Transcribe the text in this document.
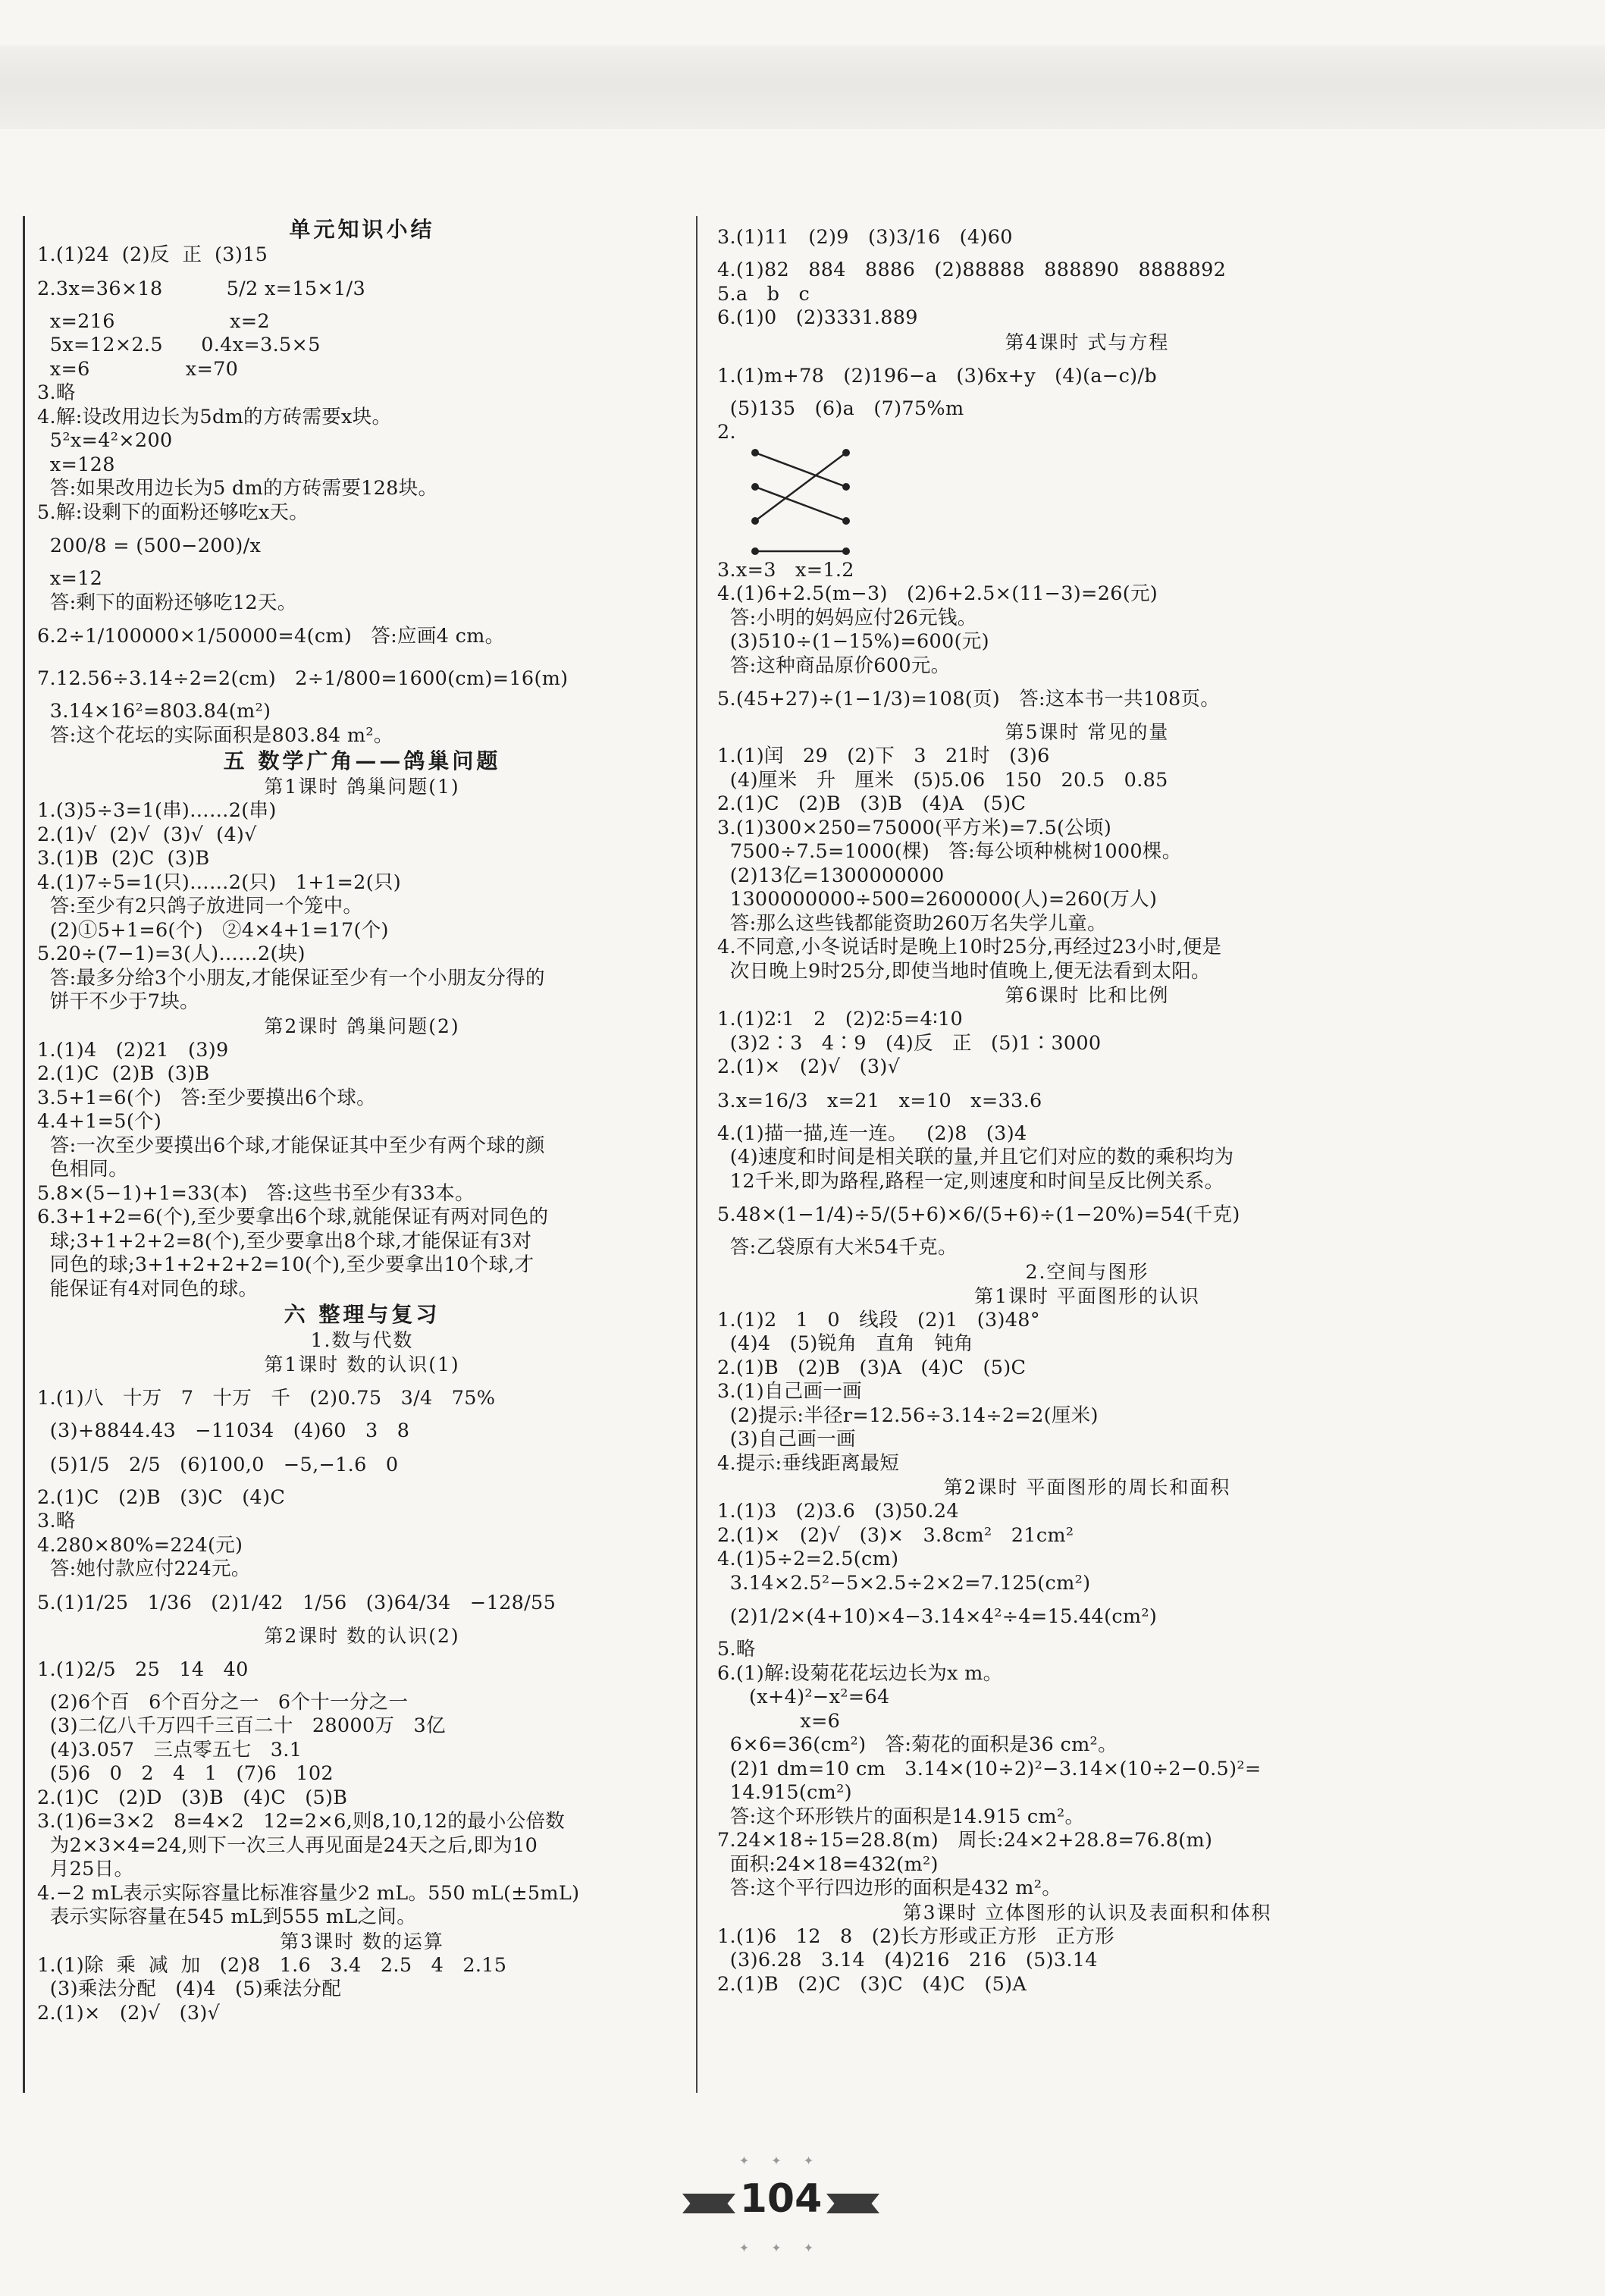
单元知识小结
1.(1)24  (2)反  正  (3)15
2.3x=36×18          5/2 x=15×1/3
x=216                  x=2
5x=12×2.5      0.4x=3.5×5
x=6               x=70
3.略
4.解:设改用边长为5dm的方砖需要x块。
5²x=4²×200
x=128
答:如果改用边长为5 dm的方砖需要128块。
5.解:设剩下的面粉还够吃x天。
200/8 = (500−200)/x
x=12
答:剩下的面粉还够吃12天。
6.2÷1/100000×1/50000=4(cm)   答:应画4 cm。
7.12.56÷3.14÷2=2(cm)   2÷1/800=1600(cm)=16(m)
3.14×16²=803.84(m²)
答:这个花坛的实际面积是803.84 m²。
五 数学广角——鸽巢问题
第1课时 鸽巢问题(1)
1.(3)5÷3=1(串)……2(串)
2.(1)√  (2)√  (3)√  (4)√
3.(1)B  (2)C  (3)B
4.(1)7÷5=1(只)……2(只)   1+1=2(只)
答:至少有2只鸽子放进同一个笼中。
(2)①5+1=6(个)   ②4×4+1=17(个)
5.20÷(7−1)=3(人)……2(块)
答:最多分给3个小朋友,才能保证至少有一个小朋友分得的
饼干不少于7块。
第2课时 鸽巢问题(2)
1.(1)4   (2)21   (3)9
2.(1)C  (2)B  (3)B
3.5+1=6(个)   答:至少要摸出6个球。
4.4+1=5(个)
答:一次至少要摸出6个球,才能保证其中至少有两个球的颜
色相同。
5.8×(5−1)+1=33(本)   答:这些书至少有33本。
6.3+1+2=6(个),至少要拿出6个球,就能保证有两对同色的
球;3+1+2+2=8(个),至少要拿出8个球,才能保证有3对
同色的球;3+1+2+2+2=10(个),至少要拿出10个球,才
能保证有4对同色的球。
六 整理与复习
1.数与代数
第1课时 数的认识(1)
1.(1)八   十万   7   十万   千   (2)0.75   3/4   75%
(3)+8844.43   −11034   (4)60   3   8
(5)1/5   2/5   (6)100,0   −5,−1.6   0
2.(1)C   (2)B   (3)C   (4)C
3.略
4.280×80%=224(元)
答:她付款应付224元。
5.(1)1/25   1/36   (2)1/42   1/56   (3)64/34   −128/55
第2课时 数的认识(2)
1.(1)2/5   25   14   40
(2)6个百   6个百分之一   6个十一分之一
(3)二亿八千万四千三百二十   28000万   3亿
(4)3.057   三点零五七   3.1
(5)6   0   2   4   1   (7)6   102
2.(1)C   (2)D   (3)B   (4)C   (5)B
3.(1)6=3×2   8=4×2   12=2×6,则8,10,12的最小公倍数
为2×3×4=24,则下一次三人再见面是24天之后,即为10
月25日。
4.−2 mL表示实际容量比标准容量少2 mL。550 mL(±5mL)
表示实际容量在545 mL到555 mL之间。
第3课时 数的运算
1.(1)除  乘  减  加   (2)8   1.6   3.4   2.5   4   2.15
(3)乘法分配   (4)4   (5)乘法分配
2.(1)×   (2)√   (3)√
3.(1)11   (2)9   (3)3/16   (4)60
4.(1)82   884   8886   (2)88888   888890   8888892
5.a   b   c
6.(1)0   (2)3331.889
第4课时 式与方程
1.(1)m+78   (2)196−a   (3)6x+y   (4)(a−c)/b
(5)135   (6)a   (7)75%m
2.
3.x=3   x=1.2
4.(1)6+2.5(m−3)   (2)6+2.5×(11−3)=26(元)
答:小明的妈妈应付26元钱。
(3)510÷(1−15%)=600(元)
答:这种商品原价600元。
5.(45+27)÷(1−1/3)=108(页)   答:这本书一共108页。
第5课时 常见的量
1.(1)闰   29   (2)下   3   21时   (3)6
(4)厘米   升   厘米   (5)5.06   150   20.5   0.85
2.(1)C   (2)B   (3)B   (4)A   (5)C
3.(1)300×250=75000(平方米)=7.5(公顷)
7500÷7.5=1000(棵)   答:每公顷种桃树1000棵。
(2)13亿=1300000000
1300000000÷500=2600000(人)=260(万人)
答:那么这些钱都能资助260万名失学儿童。
4.不同意,小冬说话时是晚上10时25分,再经过23小时,便是
次日晚上9时25分,即使当地时值晚上,便无法看到太阳。
第6课时 比和比例
1.(1)2∶1   2   (2)2∶5=4∶10
(3)2∶3   4∶9   (4)反   正   (5)1∶3000
2.(1)×   (2)√   (3)√
3.x=16/3   x=21   x=10   x=33.6
4.(1)描一描,连一连。   (2)8   (3)4
(4)速度和时间是相关联的量,并且它们对应的数的乘积均为
12千米,即为路程,路程一定,则速度和时间呈反比例关系。
5.48×(1−1/4)÷5/(5+6)×6/(5+6)÷(1−20%)=54(千克)
答:乙袋原有大米54千克。
2.空间与图形
第1课时 平面图形的认识
1.(1)2   1   0   线段   (2)1   (3)48°
(4)4   (5)锐角   直角   钝角
2.(1)B   (2)B   (3)A   (4)C   (5)C
3.(1)自己画一画
(2)提示:半径r=12.56÷3.14÷2=2(厘米)
(3)自己画一画
4.提示:垂线距离最短
第2课时 平面图形的周长和面积
1.(1)3   (2)3.6   (3)50.24
2.(1)×   (2)√   (3)×   3.8cm²   21cm²
4.(1)5÷2=2.5(cm)
3.14×2.5²−5×2.5÷2×2=7.125(cm²)
(2)1/2×(4+10)×4−3.14×4²÷4=15.44(cm²)
5.略
6.(1)解:设菊花花坛边长为x m。
(x+4)²−x²=64
x=6
6×6=36(cm²)   答:菊花的面积是36 cm²。
(2)1 dm=10 cm   3.14×(10÷2)²−3.14×(10÷2−0.5)²=
14.915(cm²)
答:这个环形铁片的面积是14.915 cm²。
7.24×18÷15=28.8(m)   周长:24×2+28.8=76.8(m)
面积:24×18=432(m²)
答:这个平行四边形的面积是432 m²。
第3课时 立体图形的认识及表面积和体积
1.(1)6   12   8   (2)长方形或正方形   正方形
(3)6.28   3.14   (4)216   216   (5)3.14
2.(1)B   (2)C   (3)C   (4)C   (5)A
✦ ✦ ✦
104
✦ ✦ ✦
